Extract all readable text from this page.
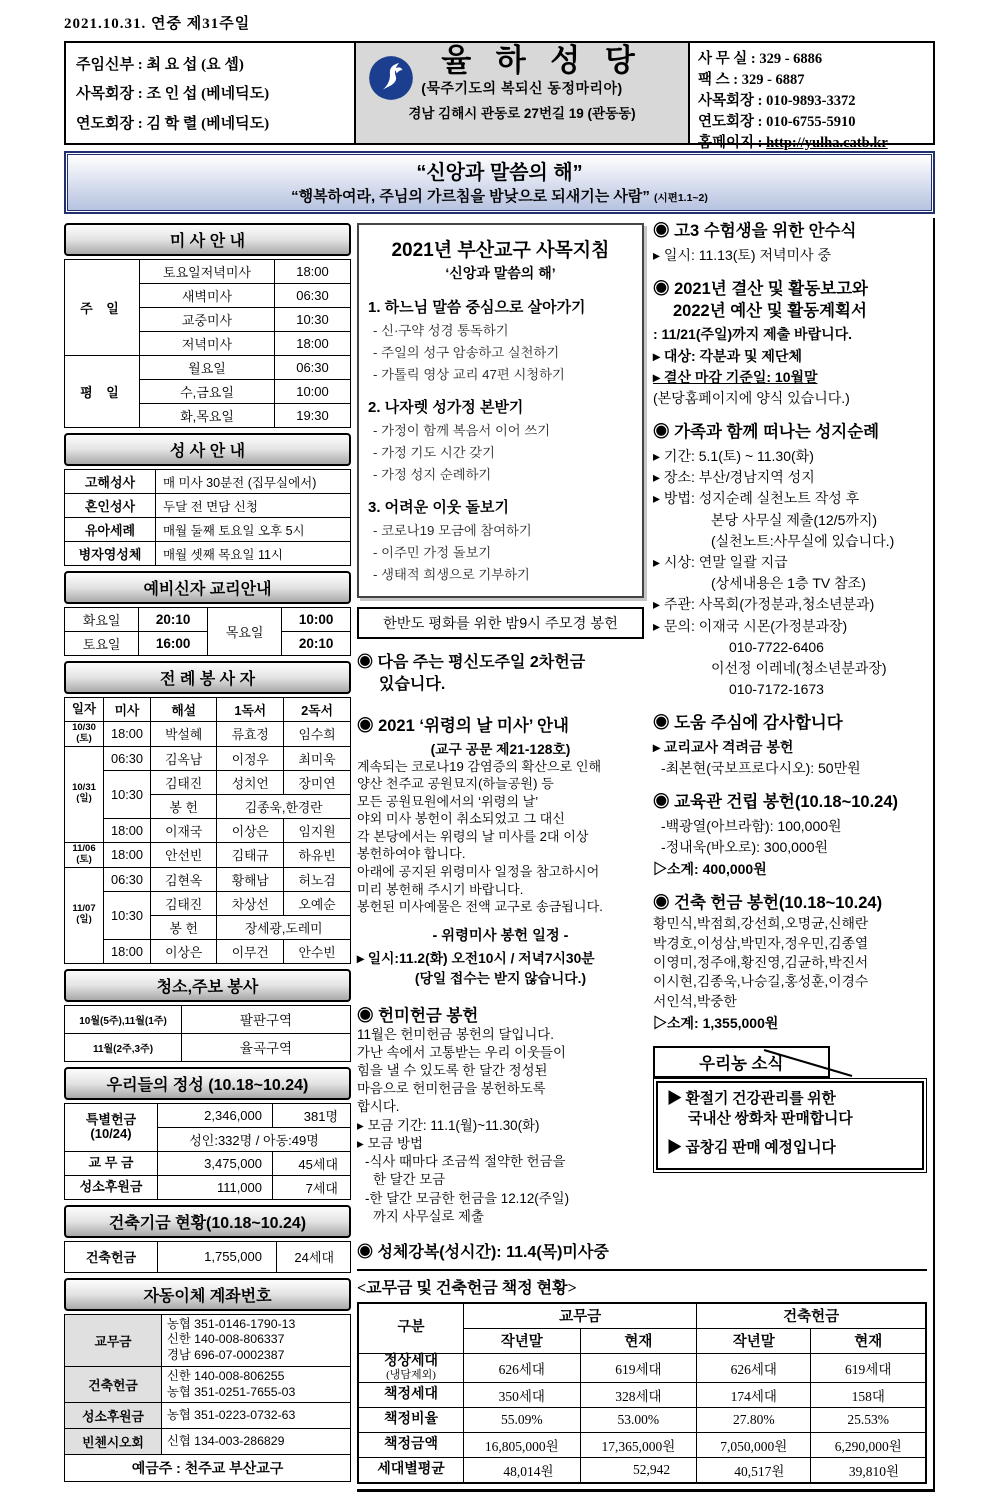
2021.10.31. 연중 제31주일
주임신부 : 최 요 섭 (요 셉)
사목회장 : 조 인 섭 (베네딕도)
연도회장 : 김 학 렬 (베네딕도)
율 하 성 당
(묵주기도의 복되신 동정마리아)
경남 김해시 관동로 27번길 19 (관동동)
사 무 실 : 329 - 6886
팩 스 : 329 - 6887
사목회장 : 010-9893-3372
연도회장 : 010-6755-5910
홈페이지 : http://yulha.catb.kr
“신앙과 말씀의 해”
“행복하여라, 주님의 가르침을 밤낮으로 되새기는 사람” (시편1.1~2)
미 사 안 내
주 일	토요일저녁미사	18:00
	새벽미사	06:30
	교중미사	10:30
	저녁미사	18:00
평 일	월요일	06:30
	수,금요일	10:00
	화,목요일	19:30
성 사 안 내
고해성사	매 미사 30분전 (집무실에서)
혼인성사	두달 전 면담 신청
유아세례	매월 둘째 토요일 오후 5시
병자영성체	매월 셋째 목요일 11시
예비신자 교리안내
화요일	20:10	목요일	10:00
토요일	16:00		20:10
전 례 봉 사 자
일자	미사	해설	1독서	2독서
10/30
(토)	18:00	박설혜	류효정	임수희
10/31
(일)	06:30	김옥남	이정우	최미욱
	10:30	김태진	성치언	장미연
		봉 헌	김종욱,한경란	
	18:00	이재국	이상은	임지원
11/06
(토)	18:00	안선빈	김태규	하유빈
11/07
(일)	06:30	김현옥	황해남	허노검
	10:30	김태진	차상선	오예순
		봉 헌	장세광,도레미	
	18:00	이상은	이무건	안수빈
청소,주보 봉사
10월(5주),11월(1주)	팔판구역
11월(2주,3주)	율곡구역
우리들의 정성 (10.18~10.24)
특별헌금
(10/24)	2,346,000	381명
	성인:332명 / 아동:49명	
교 무 금	3,475,000	45세대
성소후원금	111,000	7세대
건축기금 현황(10.18~10.24)
건축헌금	1,755,000	24세대
자동이체 계좌번호
교무금	농협 351-0146-1790-13
신한 140-008-806337
경남 696-07-0002387

건축헌금	신한 140-008-806255
농협 351-0251-7655-03

성소후원금	농협 351-0223-0732-63

빈첸시오회	신협 134-003-286829

예금주 : 천주교 부산교구	
2021년 부산교구 사목지침
‘신앙과 말씀의 해’
1. 하느님 말씀 중심으로 살아가기
- 신·구약 성경 통독하기
- 주일의 성구 암송하고 실천하기
- 가톨릭 영상 교리 47편 시청하기
2. 나자렛 성가정 본받기
- 가정이 함께 복음서 이어 쓰기
- 가정 기도 시간 갖기
- 가정 성지 순례하기
3. 어려운 이웃 돌보기
- 코로나19 모금에 참여하기
- 이주민 가정 돌보기
- 생태적 희생으로 기부하기
한반도 평화를 위한 밤9시 주모경 봉헌
◉ 다음 주는 평신도주일 2차헌금
있습니다.
◉ 2021 ‘위령의 날 미사’ 안내
(교구 공문 제21-128호)
계속되는 코로나19 감염증의 확산으로 인해
양산 천주교 공원묘지(하늘공원) 등
모든 공원묘원에서의 ‘위령의 날’
야외 미사 봉헌이 취소되었고 그 대신
각 본당에서는 위령의 날 미사를 2대 이상
봉헌하여야 합니다.
아래에 공지된 위령미사 일정을 참고하시어
미리 봉헌해 주시기 바랍니다.
봉헌된 미사예물은 전액 교구로 송금됩니다.
- 위령미사 봉헌 일정 -
▸ 일시:11.2(화) 오전10시 / 저녁7시30분
(당일 접수는 받지 않습니다.)
◉ 헌미헌금 봉헌
11월은 헌미헌금 봉헌의 달입니다.
가난 속에서 고통받는 우리 이웃들이
힘을 낼 수 있도록 한 달간 정성된
마음으로 헌미헌금을 봉헌하도록
합시다.
▸ 모금 기간: 11.1(월)~11.30(화)
▸ 모금 방법
-식사 때마다 조금씩 절약한 헌금을
한 달간 모금
-한 달간 모금한 헌금을 12.12(주일)
까지 사무실로 제출
◉ 성체강복(성시간): 11.4(목)미사중
◉ 고3 수험생을 위한 안수식
▸ 일시: 11.13(토) 저녁미사 중
◉ 2021년 결산 및 활동보고와
2022년 예산 및 활동계획서
: 11/21(주일)까지 제출 바랍니다.
▸ 대상: 각분과 및 제단체
▸ 결산 마감 기준일: 10월말
(본당홈페이지에 양식 있습니다.)
◉ 가족과 함께 떠나는 성지순례
▸ 기간: 5.1(토) ~ 11.30(화)
▸ 장소: 부산/경남지역 성지
▸ 방법: 성지순례 실천노트 작성 후
본당 사무실 제출(12/5까지)
(실천노트:사무실에 있습니다.)
▸ 시상: 연말 일괄 지급
(상세내용은 1층 TV 참조)
▸ 주관: 사목회(가정분과,청소년분과)
▸ 문의: 이재국 시몬(가정분과장)
010-7722-6406
이선정 이레네(청소년분과장)
010-7172-1673
◉ 도움 주심에 감사합니다
▸ 교리교사 격려금 봉헌
-최본현(국보프로다시오): 50만원
◉ 교육관 건립 봉헌(10.18~10.24)
-백광열(아브라함): 100,000원
-정내욱(바오로): 300,000원
▷소계: 400,000원
◉ 건축 헌금 봉헌(10.18~10.24)
황민식,박점희,강선희,오명균,신해란
박경호,이성삼,박민자,정우민,김종열
이영미,정주애,황진영,김균하,박진서
이시현,김종욱,나승길,홍성훈,이경수
서인석,박중한
▷소계: 1,355,000원
우리농 소식
▶ 환절기 건강관리를 위한
국내산 쌍화차 판매합니다
▶ 곱창김 판매 예정입니다
<교무금 및 건축헌금 책정 현황>
구분	교무금		건축헌금	
	작년말	현재	작년말	현재
정상세대
(냉담제외)	626세대	619세대	626세대	619세대
책정세대	350세대	328세대	174세대	158대
책정비율	55.09%	53.00%	27.80%	25.53%
책정금액	16,805,000원	17,365,000원	7,050,000원	6,290,000원
세대별평균	48,014원	52,942	40,517원	39,810원
